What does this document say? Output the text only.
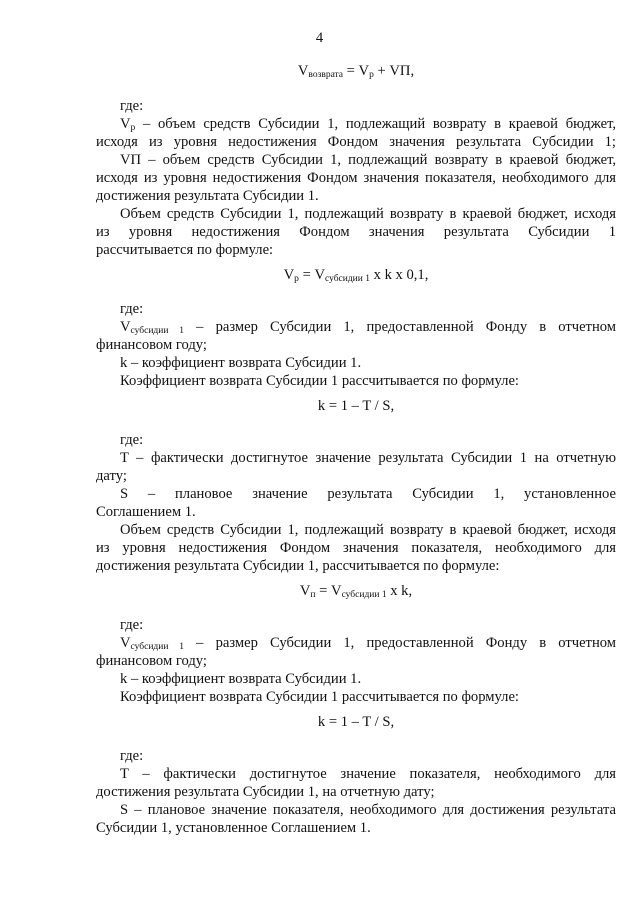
4
$V_{возврата} = V_р$ + VП,
где:
$V_р$ – объем средств Субсидии 1, подлежащий возврату в краевой бюджет,
исходя из уровня недостижения Фондом значения результата Субсидии 1;
VП – объем средств Субсидии 1, подлежащий возврату в краевой бюджет,
исходя из уровня недостижения Фондом значения показателя, необходимого для
достижения результата Субсидии 1.
Объем средств Субсидии 1, подлежащий возврату в краевой бюджет, исходя
из уровня недостижения Фондом значения результата Субсидии 1
рассчитывается по формуле:
$V_р = V_{субсидии 1}$ x k x 0,1,
где:
$V_{субсидии 1}$ – размер Субсидии 1, предоставленной Фонду в отчетном
финансовом году;
k – коэффициент возврата Субсидии 1.
Коэффициент возврата Субсидии 1 рассчитывается по формуле:
k = 1 – T / S,
где:
T – фактически достигнутое значение результата Субсидии 1 на отчетную
дату;
S – плановое значение результата Субсидии 1, установленное
Соглашением 1.
Объем средств Субсидии 1, подлежащий возврату в краевой бюджет, исходя
из уровня недостижения Фондом значения показателя, необходимого для
достижения результата Субсидии 1, рассчитывается по формуле:
$V_п = V_{субсидии 1}$ x k,
где:
$V_{субсидии 1}$ – размер Субсидии 1, предоставленной Фонду в отчетном
финансовом году;
k – коэффициент возврата Субсидии 1.
Коэффициент возврата Субсидии 1 рассчитывается по формуле:
k = 1 – T / S,
где:
T – фактически достигнутое значение показателя, необходимого для
достижения результата Субсидии 1, на отчетную дату;
S – плановое значение показателя, необходимого для достижения результата
Субсидии 1, установленное Соглашением 1.
